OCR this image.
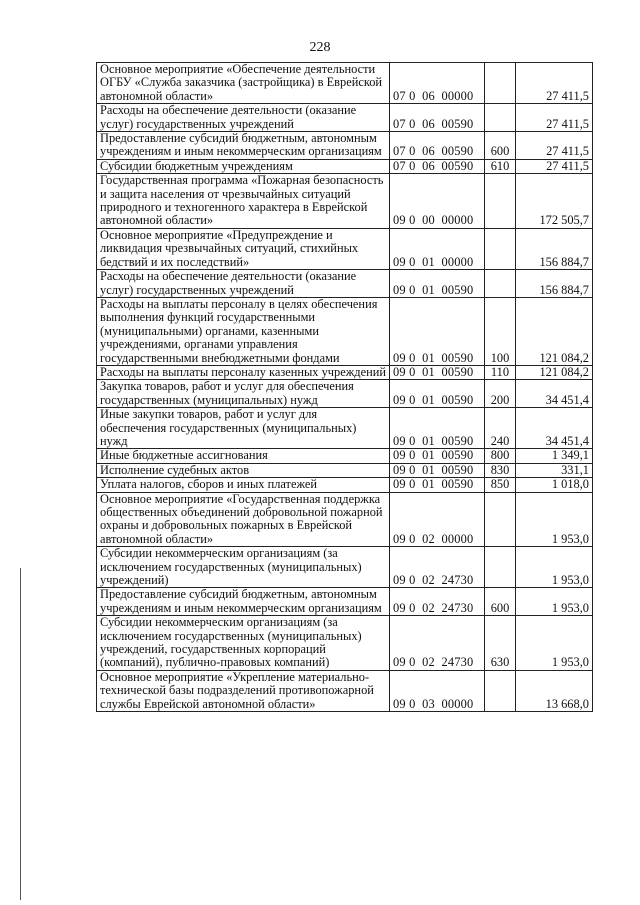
228
Основное мероприятие «Обеспечение деятельности ОГБУ «Служба заказчика (застройщика) в Еврейской автономной области»	07 0  06  00000		27 411,5
Расходы на обеспечение деятельности (оказание услуг) государственных учреждений	07 0  06  00590		27 411,5
Предоставление субсидий бюджетным, автономным учреждениям и иным некоммерческим организациям	07 0  06  00590	600	27 411,5
Субсидии бюджетным учреждениям	07 0  06  00590	610	27 411,5
Государственная программа «Пожарная безопасность и защита населения от чрезвычайных ситуаций природного и техногенного характера в Еврейской автономной области»	09 0  00  00000		172 505,7
Основное мероприятие «Предупреждение и ликвидация чрезвычайных ситуаций, стихийных бедствий и их последствий»	09 0  01  00000		156 884,7
Расходы на обеспечение деятельности (оказание услуг) государственных учреждений	09 0  01  00590		156 884,7
Расходы на выплаты персоналу в целях обеспечения выполнения функций государственными (муниципальными) органами, казенными учреждениями, органами управления государственными внебюджетными фондами	09 0  01  00590	100	121 084,2
Расходы на выплаты персоналу казенных учреждений	09 0  01  00590	110	121 084,2
Закупка товаров, работ и услуг для обеспечения государственных (муниципальных) нужд	09 0  01  00590	200	34 451,4
Иные закупки товаров, работ и услуг для обеспечения государственных (муниципальных) нужд	09 0  01  00590	240	34 451,4
Иные бюджетные ассигнования	09 0  01  00590	800	1 349,1
Исполнение судебных актов	09 0  01  00590	830	331,1
Уплата налогов, сборов и иных платежей	09 0  01  00590	850	1 018,0
Основное мероприятие «Государственная поддержка общественных объединений добровольной пожарной охраны и добровольных пожарных в Еврейской автономной области»	09 0  02  00000		1 953,0
Субсидии некоммерческим организациям (за исключением государственных (муниципальных) учреждений)	09 0  02  24730		1 953,0
Предоставление субсидий бюджетным, автономным учреждениям и иным некоммерческим организациям	09 0  02  24730	600	1 953,0
Субсидии некоммерческим организациям (за исключением государственных (муниципальных) учреждений, государственных корпораций (компаний), публично-правовых компаний)	09 0  02  24730	630	1 953,0
Основное мероприятие «Укрепление материально-технической базы подразделений противопожарной службы Еврейской автономной области»	09 0  03  00000		13 668,0
